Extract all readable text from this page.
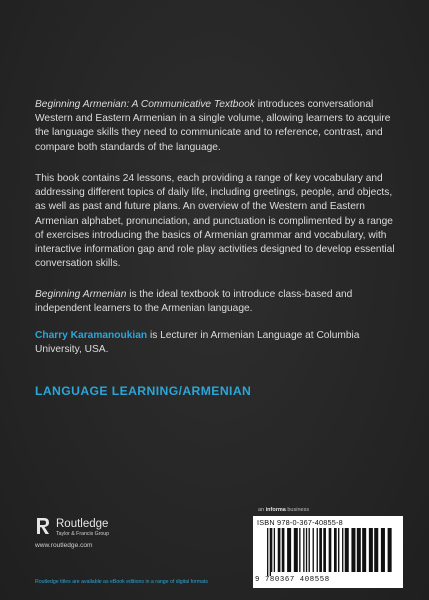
Beginning Armenian: A Communicative Textbook introduces conversational Western and Eastern Armenian in a single volume, allowing learners to acquire the language skills they need to communicate and to reference, contrast, and compare both standards of the language.

This book contains 24 lessons, each providing a range of key vocabulary and addressing different topics of daily life, including greetings, people, and objects, as well as past and future plans. An overview of the Western and Eastern Armenian alphabet, pronunciation, and punctuation is complimented by a range of exercises introducing the basics of Armenian grammar and vocabulary, with interactive information gap and role play activities designed to develop essential conversation skills.

Beginning Armenian is the ideal textbook to introduce class-based and independent learners to the Armenian language.

Charry Karamanoukian is Lecturer in Armenian Language at Columbia University, USA.

LANGUAGE LEARNING/ARMENIAN
an informa business
ISBN 978-0-367-40855-8
9 780367 408558
Routledge
Taylor & Francis Group
www.routledge.com
Routledge titles are available as eBook editions in a range of digital formats
